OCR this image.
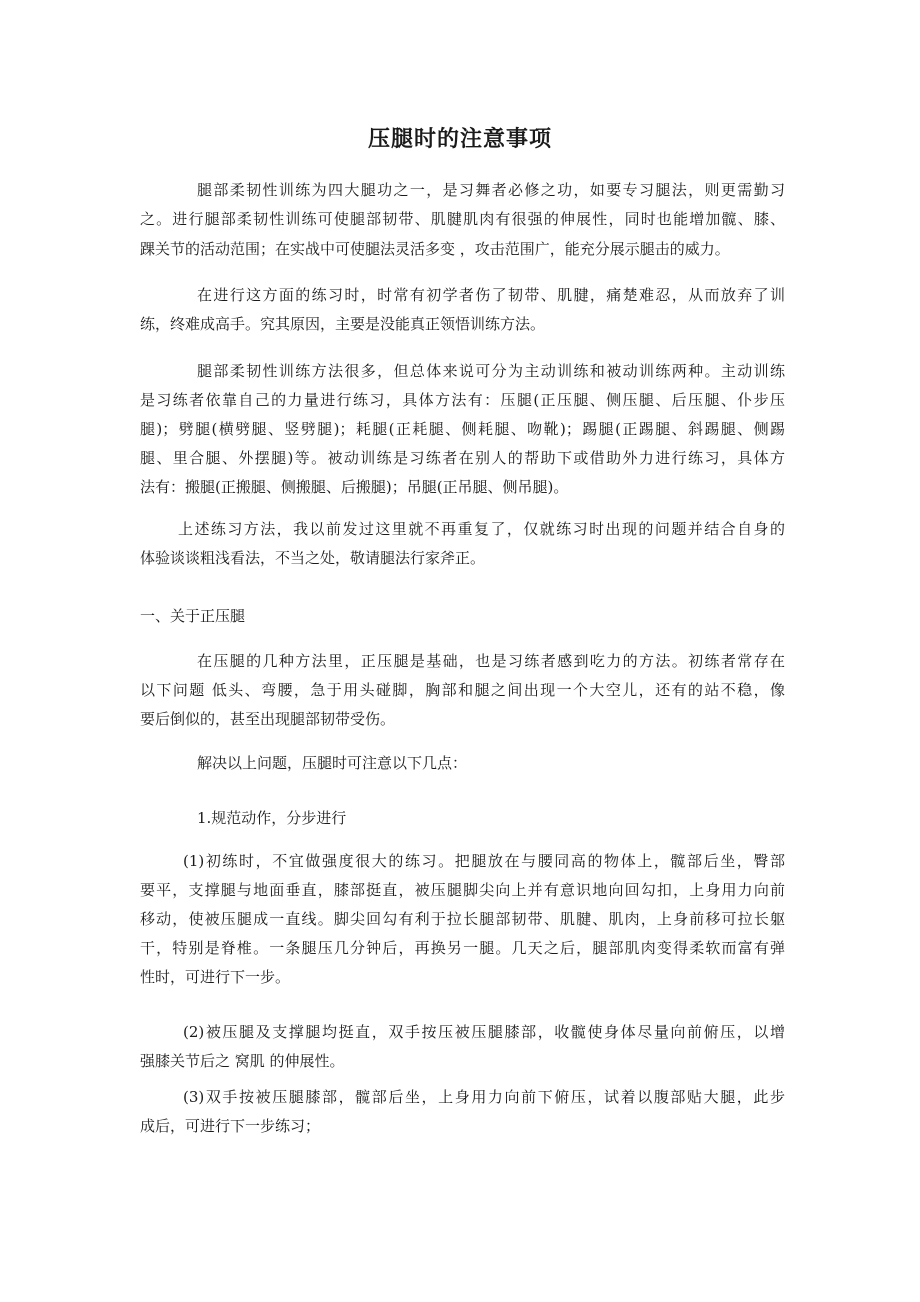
压腿时的注意事项
腿部柔韧性训练为四大腿功之一，是习舞者必修之功，如要专习腿法，则更需勤习
之。进行腿部柔韧性训练可使腿部韧带、肌腱肌肉有很强的伸展性，同时也能增加髋、膝、
踝关节的活动范围；在实战中可使腿法灵活多变 ，攻击范围广，能充分展示腿击的威力。
在进行这方面的练习时，时常有初学者伤了韧带、肌腱，痛楚难忍，从而放弃了训
练，终难成高手。究其原因，主要是没能真正领悟训练方法。
腿部柔韧性训练方法很多，但总体来说可分为主动训练和被动训练两种。主动训练
是习练者依靠自己的力量进行练习，具体方法有：压腿(正压腿、侧压腿、后压腿、仆步压
腿)；劈腿(横劈腿、竖劈腿)；耗腿(正耗腿、侧耗腿、吻靴)；踢腿(正踢腿、斜踢腿、侧踢
腿、里合腿、外摆腿)等。被动训练是习练者在别人的帮助下或借助外力进行练习，具体方
法有：搬腿(正搬腿、侧搬腿、后搬腿)；吊腿(正吊腿、侧吊腿)。
上述练习方法，我以前发过这里就不再重复了，仅就练习时出现的问题并结合自身的
体验谈谈粗浅看法，不当之处，敬请腿法行家斧正。
一、关于正压腿
在压腿的几种方法里，正压腿是基础，也是习练者感到吃力的方法。初练者常存在
以下问题 低头、弯腰，急于用头碰脚，胸部和腿之间出现一个大空儿，还有的站不稳，像
要后倒似的，甚至出现腿部韧带受伤。
解决以上问题，压腿时可注意以下几点：
1.规范动作，分步进行
(1)初练时，不宜做强度很大的练习。把腿放在与腰同高的物体上，髋部后坐，臀部
要平，支撑腿与地面垂直，膝部挺直，被压腿脚尖向上并有意识地向回勾扣，上身用力向前
移动，使被压腿成一直线。脚尖回勾有利于拉长腿部韧带、肌腱、肌肉，上身前移可拉长躯
干，特别是脊椎。一条腿压几分钟后，再换另一腿。几天之后，腿部肌肉变得柔软而富有弹
性时，可进行下一步。
(2)被压腿及支撑腿均挺直，双手按压被压腿膝部，收髋使身体尽量向前俯压，以增
强膝关节后之 窝肌 的伸展性。
(3)双手按被压腿膝部，髋部后坐，上身用力向前下俯压，试着以腹部贴大腿，此步
成后，可进行下一步练习；
